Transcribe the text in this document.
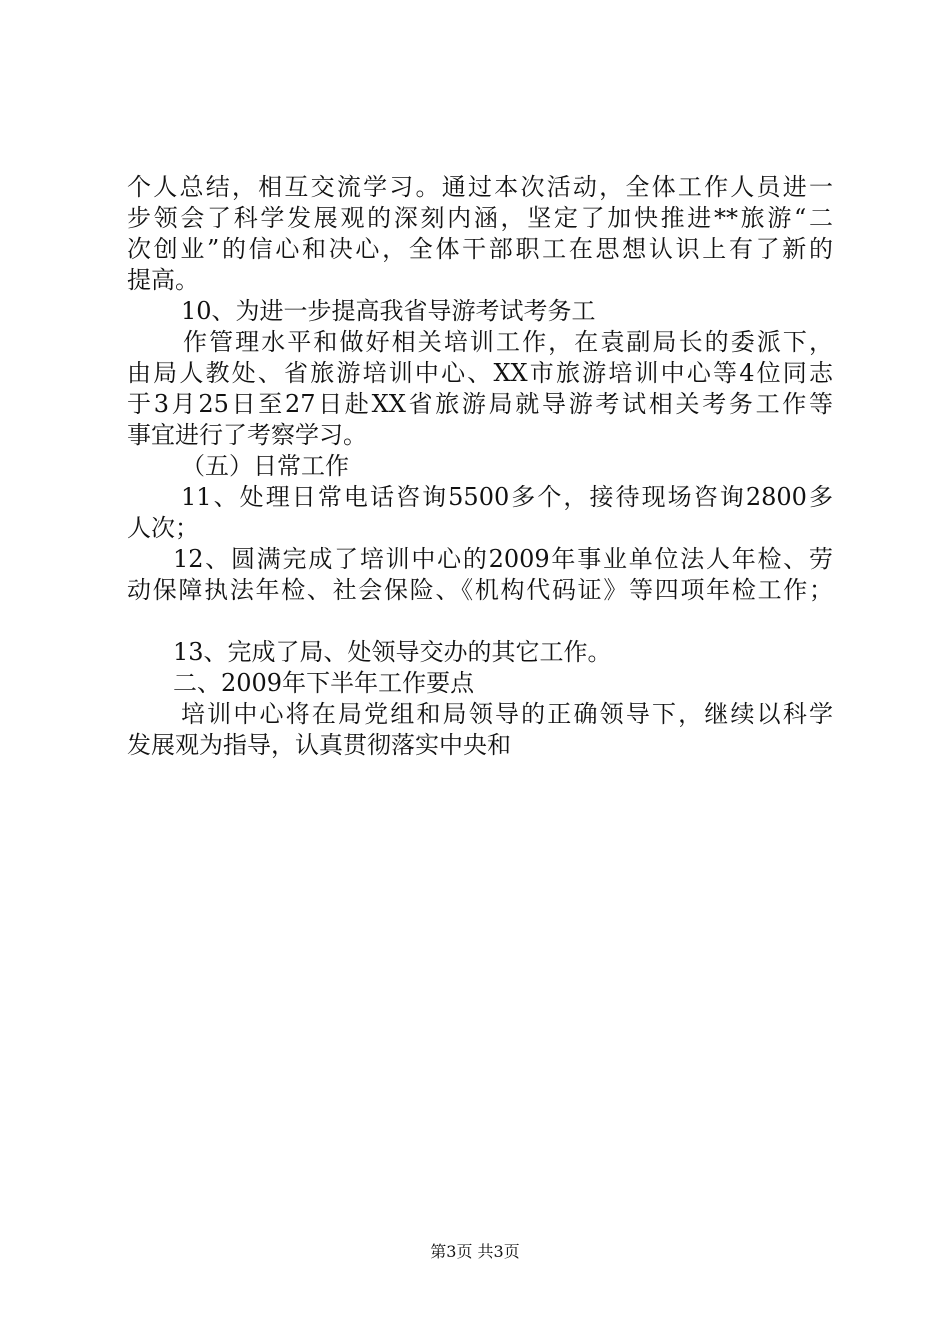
个人总结，相互交流学习。通过本次活动，全体工作人员进一
步领会了科学发展观的深刻内涵，坚定了加快推进**旅游“二
次创业”的信心和决心，全体干部职工在思想认识上有了新的
提高。
10、为进一步提高我省导游考试考务工
作管理水平和做好相关培训工作，在袁副局长的委派下，
由局人教处、省旅游培训中心、XX市旅游培训中心等4位同志
于3月25日至27日赴XX省旅游局就导游考试相关考务工作等
事宜进行了考察学习。
（五）日常工作
11、处理日常电话咨询5500多个，接待现场咨询2800多
人次；
12、圆满完成了培训中心的2009年事业单位法人年检、劳
动保障执法年检、社会保险、《机构代码证》等四项年检工作；
13、完成了局、处领导交办的其它工作。
二、2009年下半年工作要点
培训中心将在局党组和局领导的正确领导下，继续以科学
发展观为指导，认真贯彻落实中央和
第3页 共3页
